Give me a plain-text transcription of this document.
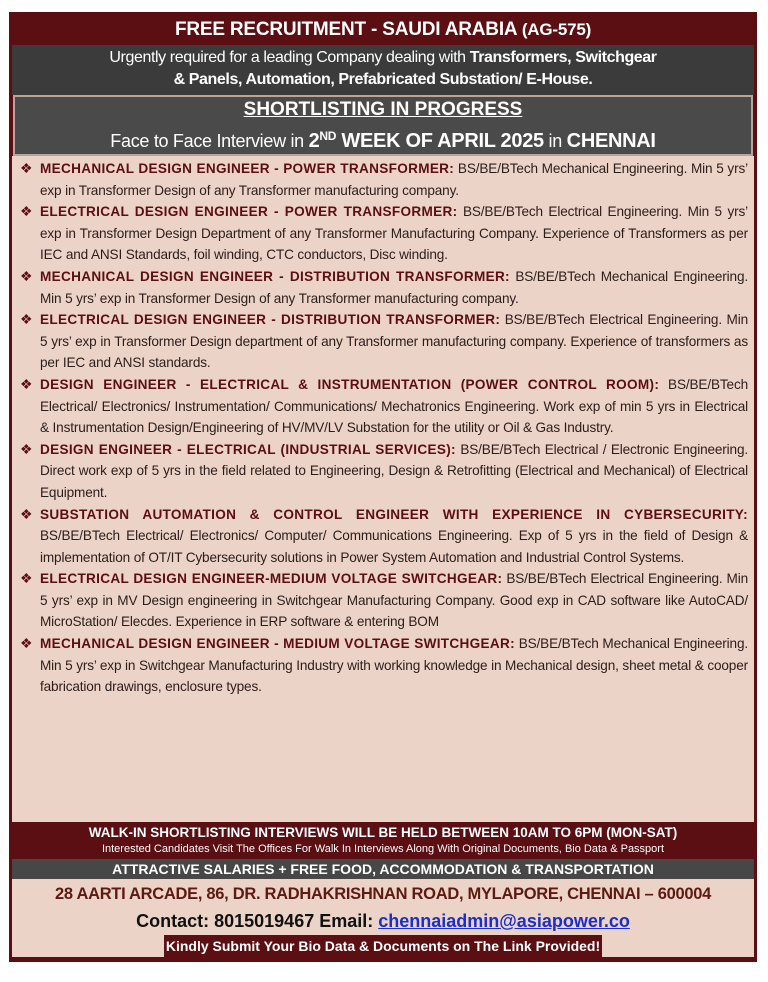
FREE RECRUITMENT - SAUDI ARABIA (AG-575)
Urgently required for a leading Company dealing with Transformers, Switchgear
& Panels, Automation, Prefabricated Substation/ E-House.
SHORTLISTING IN PROGRESS
Face to Face Interview in 2ND WEEK OF APRIL 2025 in CHENNAI
❖ MECHANICAL DESIGN ENGINEER - POWER TRANSFORMER: BS/BE/BTech Mechanical Engineering. Min 5 yrs’ exp in Transformer Design of any Transformer manufacturing company.
❖ ELECTRICAL DESIGN ENGINEER - POWER TRANSFORMER: BS/BE/BTech Electrical Engineering. Min 5 yrs’ exp in Transformer Design Department of any Transformer Manufacturing Company. Experience of Transformers as per IEC and ANSI Standards, foil winding, CTC conductors, Disc winding.
❖ MECHANICAL DESIGN ENGINEER - DISTRIBUTION TRANSFORMER: BS/BE/BTech Mechanical Engineering. Min 5 yrs’ exp in Transformer Design of any Transformer manufacturing company.
❖ ELECTRICAL DESIGN ENGINEER - DISTRIBUTION TRANSFORMER: BS/BE/BTech Electrical Engineering. Min 5 yrs’ exp in Transformer Design department of any Transformer manufacturing company. Experience of transformers as per IEC and ANSI standards.
❖ DESIGN ENGINEER - ELECTRICAL & INSTRUMENTATION (POWER CONTROL ROOM): BS/BE/BTech Electrical/ Electronics/ Instrumentation/ Communications/ Mechatronics Engineering. Work exp of min 5 yrs in Electrical & Instrumentation Design/Engineering of HV/MV/LV Substation for the utility or Oil & Gas Industry.
❖ DESIGN ENGINEER - ELECTRICAL (INDUSTRIAL SERVICES): BS/BE/BTech Electrical / Electronic Engineering. Direct work exp of 5 yrs in the field related to Engineering, Design & Retrofitting (Electrical and Mechanical) of Electrical Equipment.
❖ SUBSTATION AUTOMATION & CONTROL ENGINEER WITH EXPERIENCE IN CYBERSECURITY: BS/BE/BTech Electrical/ Electronics/ Computer/ Communications Engineering. Exp of 5 yrs in the field of Design & implementation of OT/IT Cybersecurity solutions in Power System Automation and Industrial Control Systems.
❖ ELECTRICAL DESIGN ENGINEER-MEDIUM VOLTAGE SWITCHGEAR: BS/BE/BTech Electrical Engineering. Min 5 yrs’ exp in MV Design engineering in Switchgear Manufacturing Company. Good exp in CAD software like AutoCAD/ MicroStation/ Elecdes. Experience in ERP software & entering BOM
❖ MECHANICAL DESIGN ENGINEER - MEDIUM VOLTAGE SWITCHGEAR: BS/BE/BTech Mechanical Engineering. Min 5 yrs’ exp in Switchgear Manufacturing Industry with working knowledge in Mechanical design, sheet metal & cooper fabrication drawings, enclosure types.
WALK-IN SHORTLISTING INTERVIEWS WILL BE HELD BETWEEN 10AM TO 6PM (MON-SAT)
Interested Candidates Visit The Offices For Walk In Interviews Along With Original Documents, Bio Data & Passport
ATTRACTIVE SALARIES + FREE FOOD, ACCOMMODATION & TRANSPORTATION
28 AARTI ARCADE, 86, DR. RADHAKRISHNAN ROAD, MYLAPORE, CHENNAI – 600004
Contact: 8015019467 Email: chennaiadmin@asiapower.co
Kindly Submit Your Bio Data & Documents on The Link Provided!
